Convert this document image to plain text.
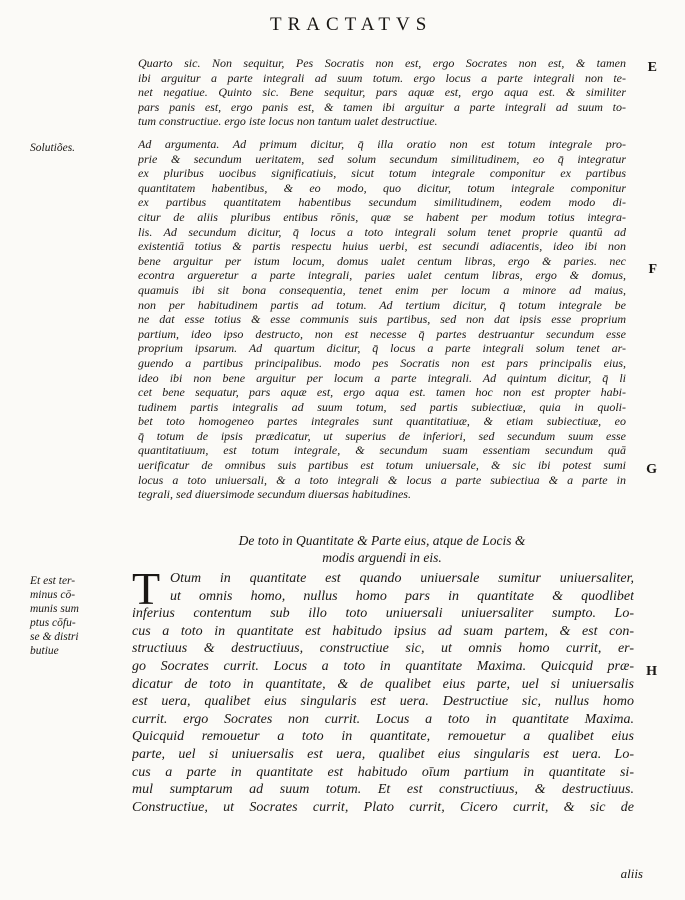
TRACTATVS
E
F
G
H
Quarto sic. Non sequitur, Pes Socratis non est, ergo Socrates non est, & tamen
ibi arguitur a parte integrali ad suum totum. ergo locus a parte integrali non te-
net negatiue. Quinto sic. Bene sequitur, pars aquæ est, ergo aqua est. & similiter
pars panis est, ergo panis est, & tamen ibi arguitur a parte integrali ad suum to-
tum constructiue. ergo iste locus non tantum ualet destructiue.
Solutiões.	Ad argumenta. Ad primum dicitur, q̄ illa oratio non est totum integrale pro-
prie & secundum ueritatem, sed solum secundum similitudinem, eo q̄ integratur
ex pluribus uocibus significatiuis, sicut totum integrale componitur ex partibus
quantitatem habentibus, & eo modo, quo dicitur, totum integrale componitur
ex partibus quantitatem habentibus secundum similitudinem, eodem modo di-
citur de aliis pluribus entibus rōnis, quæ se habent per modum totius integra-
lis. Ad secundum dicitur, q̄ locus a toto integrali solum tenet proprie quantū ad
existentiā totius & partis respectu huius uerbi, est secundi adiacentis, ideo ibi non
bene arguitur per istum locum, domus ualet centum libras, ergo & paries. nec
econtra argueretur a parte integrali, paries ualet centum libras, ergo & domus,
quamuis ibi sit bona consequentia, tenet enim per locum a minore ad maius,
non per habitudinem partis ad totum. Ad tertium dicitur, q̄ totum integrale be
ne dat esse totius & esse communis suis partibus, sed non dat ipsis esse proprium
partium, ideo ipso destructo, non est necesse q̄ partes destruantur secundum esse
proprium ipsarum. Ad quartum dicitur, q̄ locus a parte integrali solum tenet ar-
guendo a partibus principalibus. modo pes Socratis non est pars principalis eius,
ideo ibi non bene arguitur per locum a parte integrali. Ad quintum dicitur, q̄ li
cet bene sequatur, pars aquæ est, ergo aqua est. tamen hoc non est propter habi-
tudinem partis integralis ad suum totum, sed partis subiectiuæ, quia in quoli-
bet toto homogeneo partes integrales sunt quantitatiuæ, & etiam subiectiuæ, eo
q̄ totum de ipsis prædicatur, ut superius de inferiori, sed secundum suum esse
quantitatiuum, est totum integrale, & secundum suam essentiam secundum quā
uerificatur de omnibus suis partibus est totum uniuersale, & sic ibi potest sumi
locus a toto uniuersali, & a toto integrali & locus a parte subiectiua & a parte in
tegrali, sed diuersimode secundum diuersas habitudines.
De toto in Quantitate & Parte eius, atque de Locis &
modis arguendi in eis.
Et est ter-
minus cō-
munis sum
ptus cōfu-
se & distri
butiue
T Otum in quantitate est quando uniuersale sumitur uniuersaliter,
ut omnis homo, nullus homo pars in quantitate & quodlibet
inferius contentum sub illo toto uniuersali uniuersaliter sumpto. Lo-
cus a toto in quantitate est habitudo ipsius ad suam partem, & est con-
structiuus & destructiuus, constructiue sic, ut omnis homo currit, er-
go Socrates currit. Locus a toto in quantitate Maxima. Quicquid præ-
dicatur de toto in quantitate, & de qualibet eius parte, uel si uniuersalis
est uera, qualibet eius singularis est uera. Destructiue sic, nullus homo
currit. ergo Socrates non currit. Locus a toto in quantitate Maxima.
Quicquid remouetur a toto in quantitate, remouetur a qualibet eius
parte, uel si uniuersalis est uera, qualibet eius singularis est uera. Lo-
cus a parte in quantitate est habitudo oīum partium in quantitate si-
mul sumptarum ad suum totum. Et est constructiuus, & destructiuus.
Constructiue, ut Socrates currit, Plato currit, Cicero currit, & sic de
aliis
